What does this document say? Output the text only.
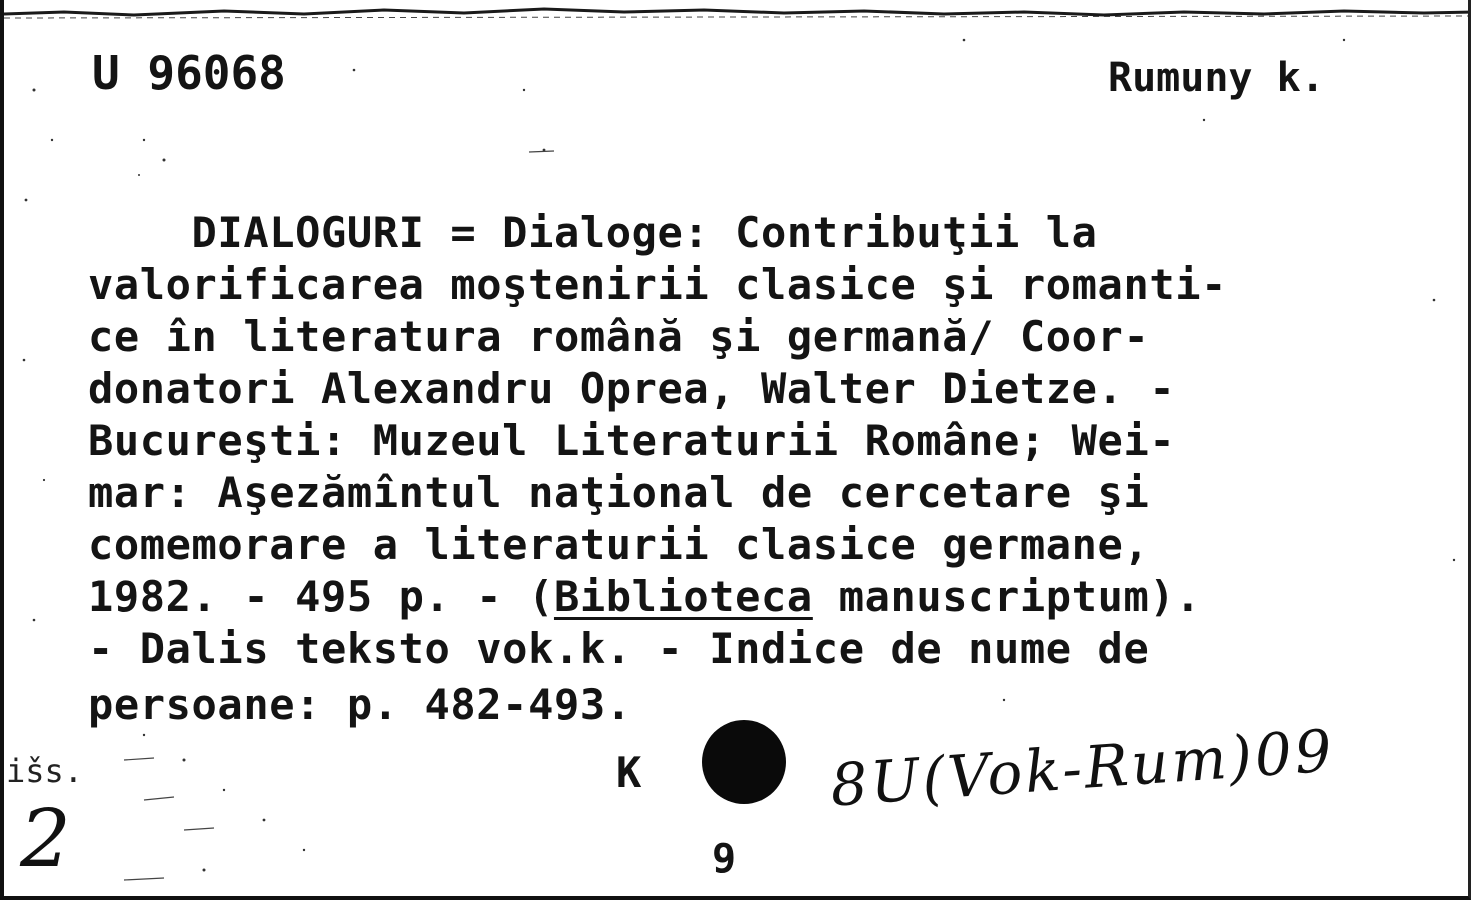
U 96068	Rumuny k.
DIALOGURI = Dialoge: Contribuţii la
valorificarea moştenirii clasice şi romanti-
ce în literatura română şi germană/ Coor-
donatori Alexandru Oprea, Walter Dietze. -
Bucureşti: Muzeul Literaturii Române; Wei-
mar: Aşezămîntul naţional de cercetare şi
comemorare a literaturii clasice germane,
1982. - 495 p. - (Biblioteca manuscriptum).
- Dalis teksto vok.k. - Indice de nume de
persoane: p. 482-493.
K	8U(Vok-Rum)09
išs.
2	9
